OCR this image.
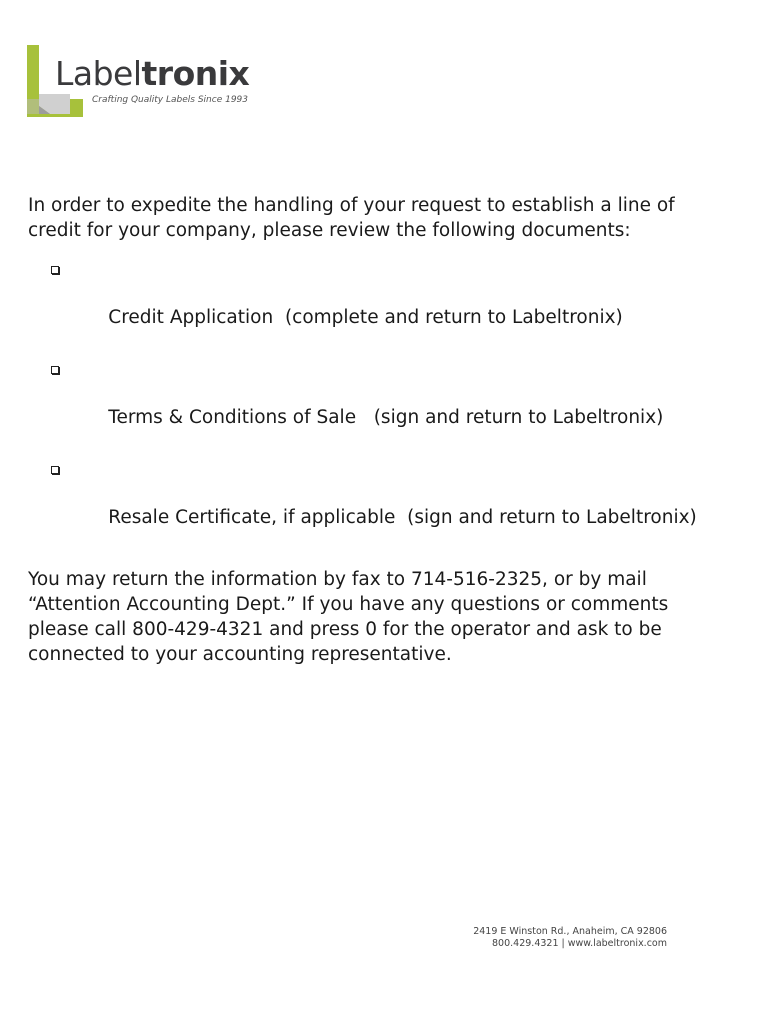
Labeltronix
Crafting Quality Labels Since 1993

In order to expedite the handling of your request to establish a line of credit for your company, please review the following documents:

Credit Application  (complete and return to Labeltronix)

Terms & Conditions of Sale   (sign and return to Labeltronix)

Resale Certificate, if applicable  (sign and return to Labeltronix)

You may return the information by fax to 714-516-2325, or by mail “Attention Accounting Dept.” If you have any questions or comments please call 800-429-4321 and press 0 for the operator and ask to be connected to your accounting representative.

2419 E Winston Rd., Anaheim, CA 92806
800.429.4321 | www.labeltronix.com
